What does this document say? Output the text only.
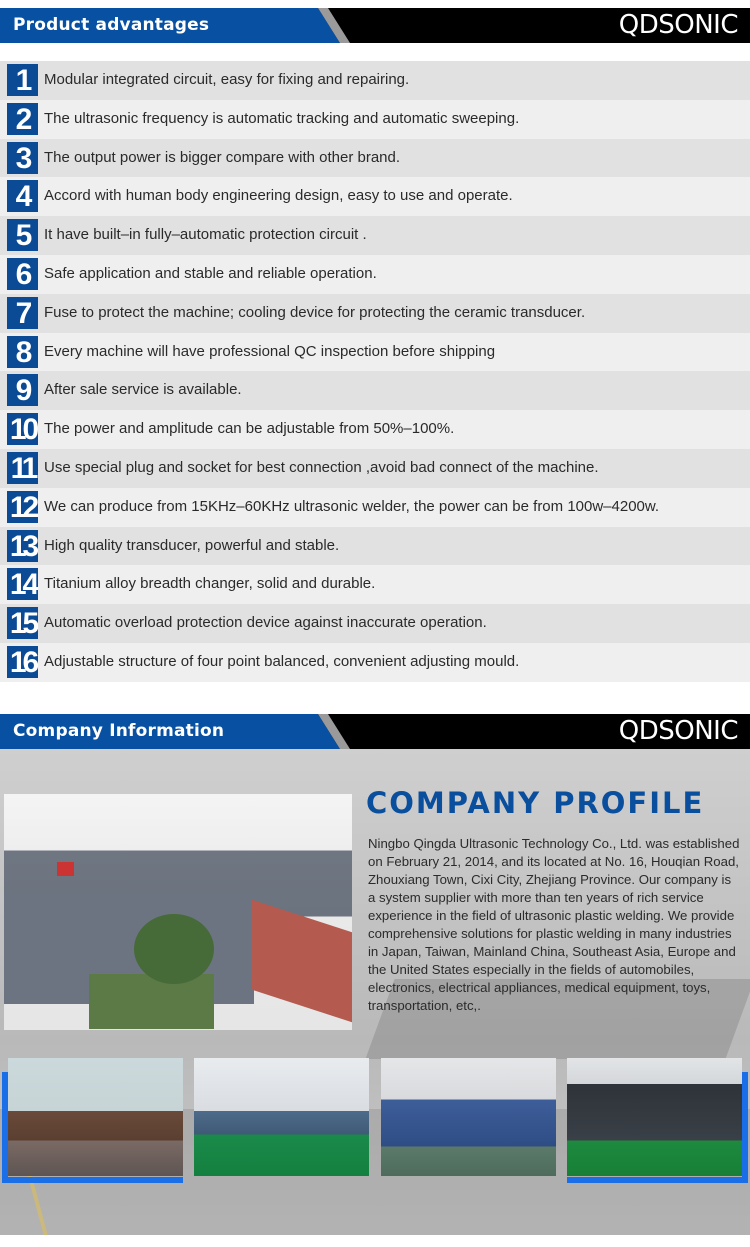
Product advantages	QDSONIC
1 Modular integrated circuit, easy for fixing and repairing.
2 The ultrasonic frequency is automatic tracking and automatic sweeping.
3 The output power is bigger compare with other brand.
4 Accord with human body engineering design, easy to use and operate.
5 It have built–in fully–automatic protection circuit .
6 Safe application and stable and reliable operation.
7 Fuse to protect the machine; cooling device for protecting the ceramic transducer.
8 Every machine will have professional QC inspection before shipping
9 After sale service is available.
10 The power and amplitude can be adjustable from 50%–100%.
11 Use special plug and socket for best connection ,avoid bad connect of the machine.
12 We can produce from 15KHz–60KHz ultrasonic welder, the power can be from 100w–4200w.
13 High quality transducer, powerful and stable.
14 Titanium alloy breadth changer, solid and durable.
15 Automatic overload protection device against inaccurate operation.
16 Adjustable structure of four point balanced, convenient adjusting mould.
Company Information	QDSONIC
COMPANY PROFILE
Ningbo Qingda Ultrasonic Technology Co., Ltd. was established on February 21, 2014, and its located at No. 16, Houqian Road, Zhouxiang Town, Cixi City, Zhejiang Province. Our company is a system supplier with more than ten years of rich service experience in the field of ultrasonic plastic welding. We provide comprehensive solutions for plastic welding in many industries in Japan, Taiwan, Mainland China, Southeast Asia, Europe and the United States especially in the fields of automobiles, electronics, electrical appliances, medical equipment, toys, transportation, etc,.
